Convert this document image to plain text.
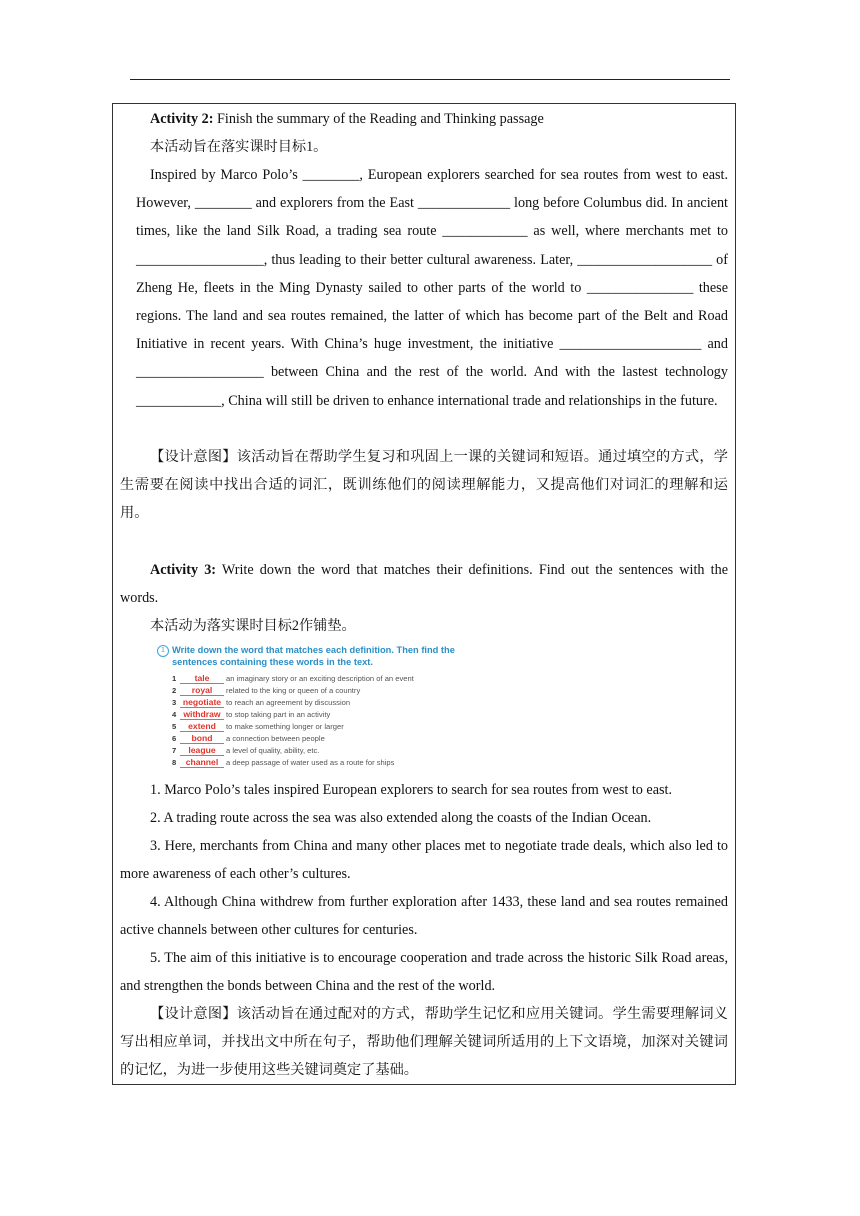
Activity 2: Finish the summary of the Reading and Thinking passage

本活动旨在落实课时目标1。

Inspired by Marco Polo’s ________, European explorers searched for sea routes from west to east. However, ________ and explorers from the East _____________ long before Columbus did. In ancient times, like the land Silk Road, a trading sea route ____________ as well, where merchants met to __________________, thus leading to their better cultural awareness. Later, ___________________ of Zheng He, fleets in the Ming Dynasty sailed to other parts of the world to _______________ these regions. The land and sea routes remained, the latter of which has become part of the Belt and Road Initiative in recent years. With China’s huge investment, the initiative ____________________ and __________________ between China and the rest of the world. And with the lastest technology ____________, China will still be driven to enhance international trade and relationships in the future.

【设计意图】该活动旨在帮助学生复习和巩固上一课的关键词和短语。通过填空的方式，学生需要在阅读中找出合适的词汇，既训练他们的阅读理解能力，又提高他们对词汇的理解和运用。

Activity 3: Write down the word that matches their definitions. Find out the sentences with the words.

本活动为落实课时目标2作铺垫。

1 Write down the word that matches each definition. Then find the sentences containing these words in the text.
1 tale an imaginary story or an exciting description of an event
2 royal related to the king or queen of a country
3 negotiate to reach an agreement by discussion
4 withdraw to stop taking part in an activity
5 extend to make something longer or larger
6 bond a connection between people
7 league a level of quality, ability, etc.
8 channel a deep passage of water used as a route for ships

1. Marco Polo’s tales inspired European explorers to search for sea routes from west to east.

2. A trading route across the sea was also extended along the coasts of the Indian Ocean.

3. Here, merchants from China and many other places met to negotiate trade deals, which also led to more awareness of each other’s cultures.

4. Although China withdrew from further exploration after 1433, these land and sea routes remained active channels between other cultures for centuries.

5. The aim of this initiative is to encourage cooperation and trade across the historic Silk Road areas, and strengthen the bonds between China and the rest of the world.

【设计意图】该活动旨在通过配对的方式，帮助学生记忆和应用关键词。学生需要理解词义写出相应单词，并找出文中所在句子，帮助他们理解关键词所适用的上下文语境，加深对关键词的记忆，为进一步使用这些关键词奠定了基础。
